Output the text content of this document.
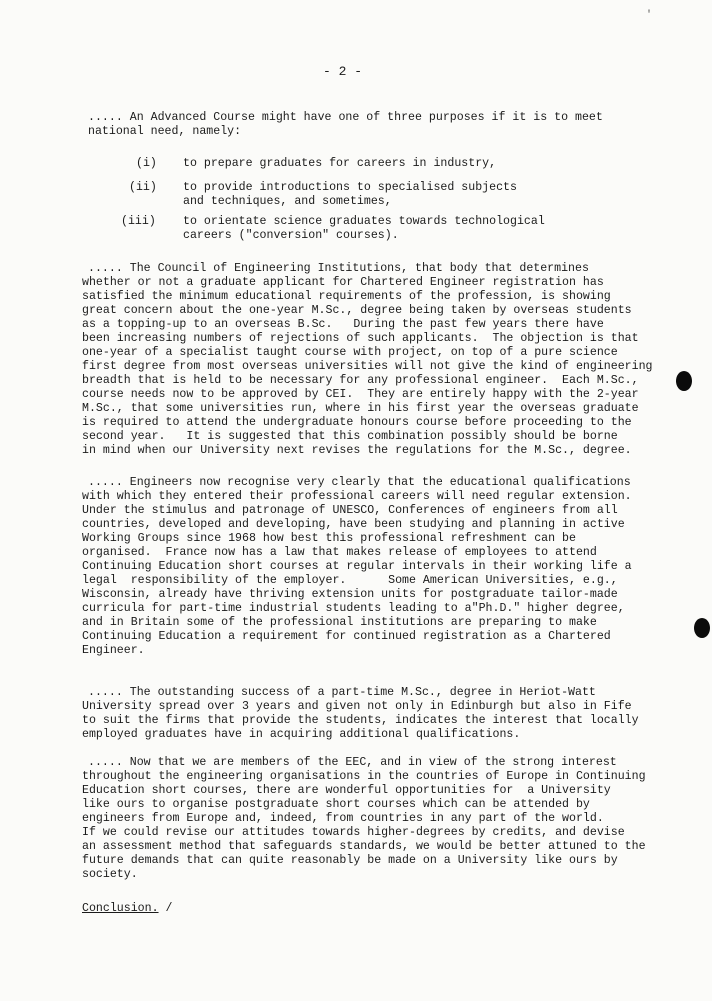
'
- 2 -
..... An Advanced Course might have one of three purposes if it is to meet
national need, namely:
(i) to prepare graduates for careers in industry,
(ii) to provide introductions to specialised subjects
and techniques, and sometimes,
(iii) to orientate science graduates towards technological
careers ("conversion" courses).
..... The Council of Engineering Institutions, that body that determines
whether or not a graduate applicant for Chartered Engineer registration has
satisfied the minimum educational requirements of the profession, is showing
great concern about the one-year M.Sc., degree being taken by overseas students
as a topping-up to an overseas B.Sc.   During the past few years there have
been increasing numbers of rejections of such applicants.  The objection is that
one-year of a specialist taught course with project, on top of a pure science
first degree from most overseas universities will not give the kind of engineering
breadth that is held to be necessary for any professional engineer.  Each M.Sc.,
course needs now to be approved by CEI.  They are entirely happy with the 2-year
M.Sc., that some universities run, where in his first year the overseas graduate
is required to attend the undergraduate honours course before proceeding to the
second year.   It is suggested that this combination possibly should be borne
in mind when our University next revises the regulations for the M.Sc., degree.
..... Engineers now recognise very clearly that the educational qualifications
with which they entered their professional careers will need regular extension.
Under the stimulus and patronage of UNESCO, Conferences of engineers from all
countries, developed and developing, have been studying and planning in active
Working Groups since 1968 how best this professional refreshment can be
organised.  France now has a law that makes release of employees to attend
Continuing Education short courses at regular intervals in their working life a
legal  responsibility of the employer.      Some American Universities, e.g.,
Wisconsin, already have thriving extension units for postgraduate tailor-made
curricula for part-time industrial students leading to a"Ph.D." higher degree,
and in Britain some of the professional institutions are preparing to make
Continuing Education a requirement for continued registration as a Chartered
Engineer.
..... The outstanding success of a part-time M.Sc., degree in Heriot-Watt
University spread over 3 years and given not only in Edinburgh but also in Fife
to suit the firms that provide the students, indicates the interest that locally
employed graduates have in acquiring additional qualifications.
..... Now that we are members of the EEC, and in view of the strong interest
throughout the engineering organisations in the countries of Europe in Continuing
Education short courses, there are wonderful opportunities for  a University
like ours to organise postgraduate short courses which can be attended by
engineers from Europe and, indeed, from countries in any part of the world.
If we could revise our attitudes towards higher-degrees by credits, and devise
an assessment method that safeguards standards, we would be better attuned to the
future demands that can quite reasonably be made on a University like ours by
society.
Conclusion. /
